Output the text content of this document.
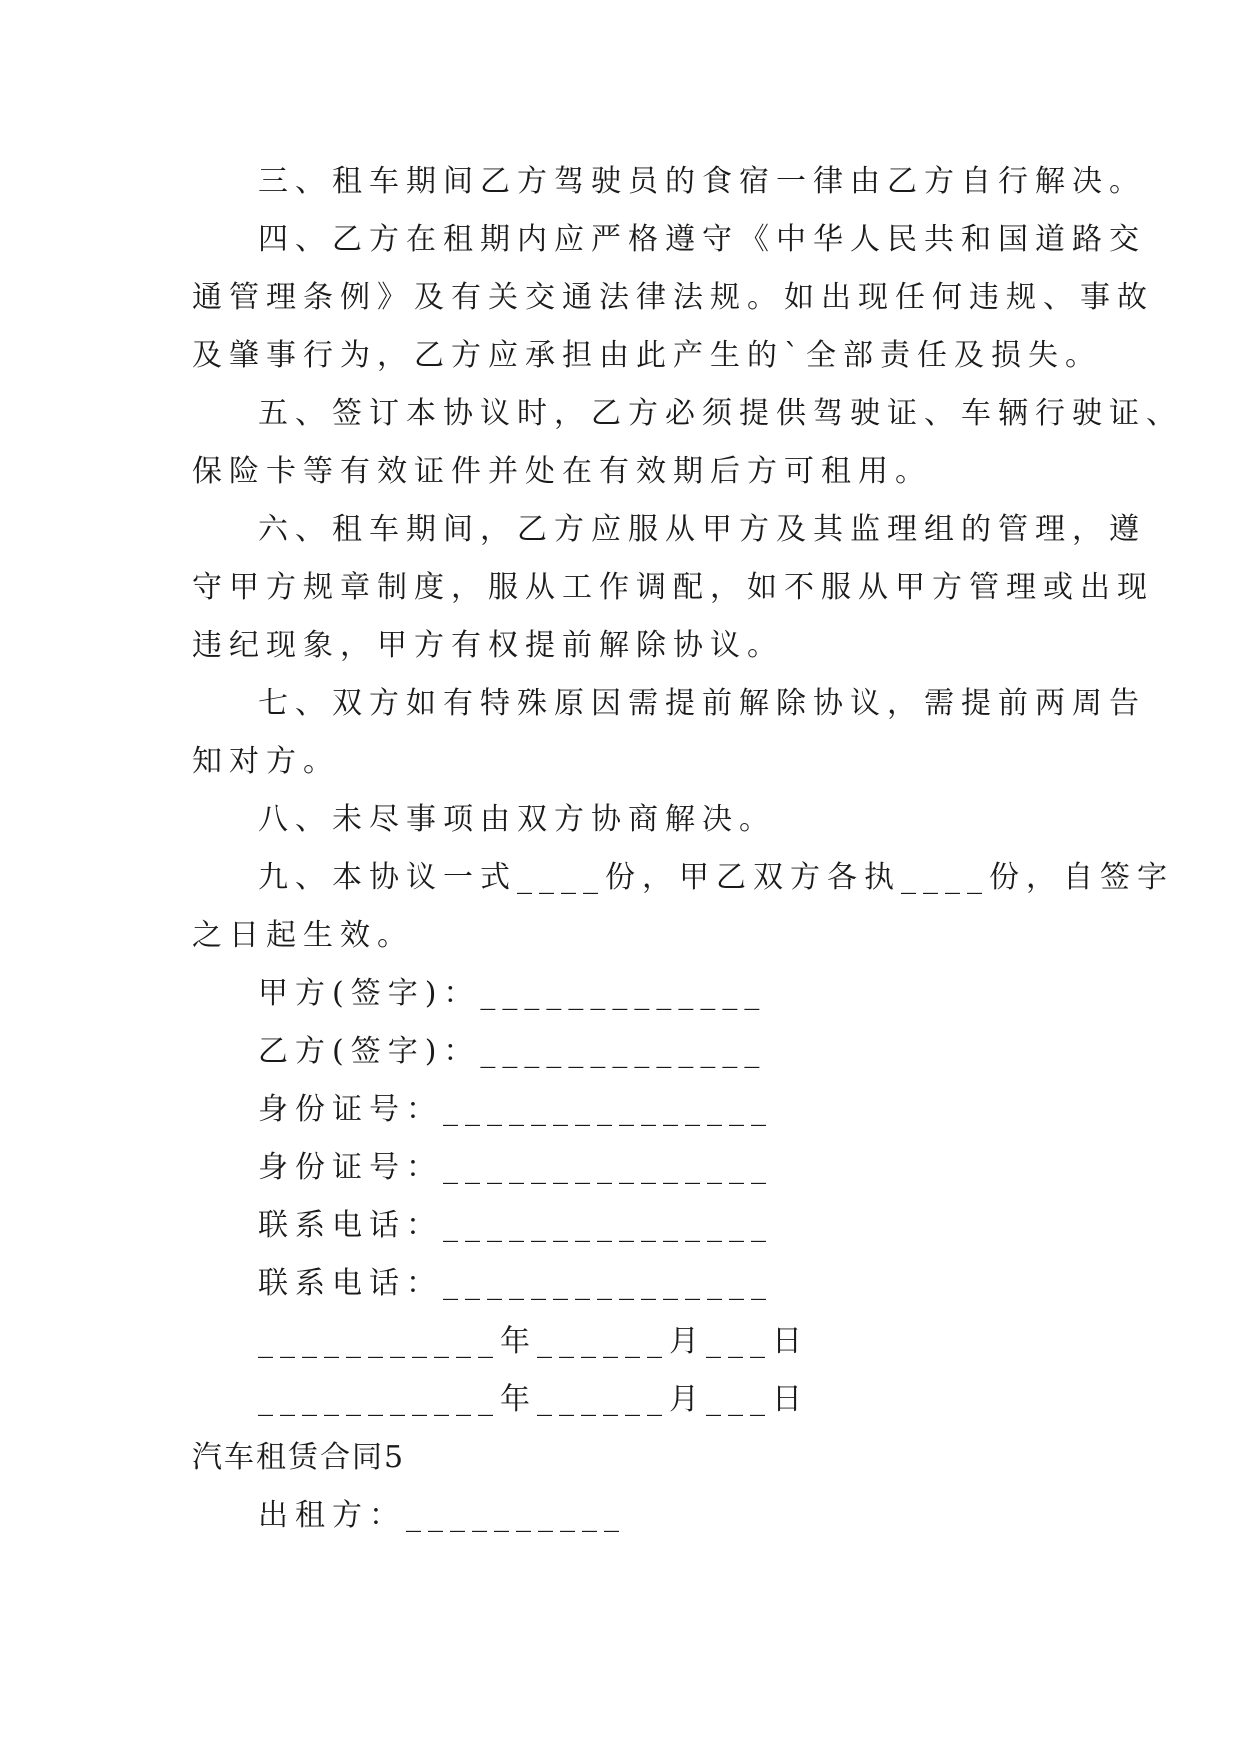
三、租车期间乙方驾驶员的食宿一律由乙方自行解决。
四、乙方在租期内应严格遵守《中华人民共和国道路交
通管理条例》及有关交通法律法规。如出现任何违规、事故
及肇事行为，乙方应承担由此产生的`全部责任及损失。
五、签订本协议时，乙方必须提供驾驶证、车辆行驶证、
保险卡等有效证件并处在有效期后方可租用。
六、租车期间，乙方应服从甲方及其监理组的管理，遵
守甲方规章制度，服从工作调配，如不服从甲方管理或出现
违纪现象，甲方有权提前解除协议。
七、双方如有特殊原因需提前解除协议，需提前两周告
知对方。
八、未尽事项由双方协商解决。
九、本协议一式____份，甲乙双方各执____份，自签字
之日起生效。
甲方(签字)：_____________
乙方(签字)：_____________
身份证号：_______________
身份证号：_______________
联系电话：_______________
联系电话：_______________
___________年______月___日
___________年______月___日
汽车租赁合同5
出租方：__________
